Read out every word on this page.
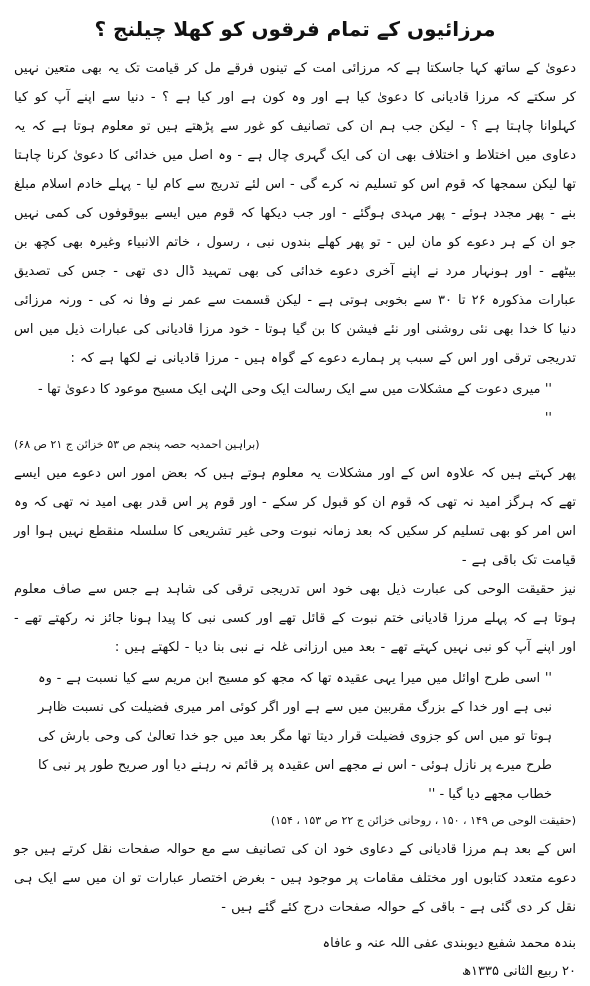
مرزائیوں کے تمام فرقوں کو کھلا چیلنج ؟

دعویٰ کے ساتھ کہا جاسکتا ہے کہ مرزائی امت کے تینوں فرقے مل کر قیامت تک یہ بھی متعین نہیں کر سکتے کہ مرزا قادیانی کا دعویٰ کیا ہے اور وہ کون ہے اور کیا ہے ؟ - دنیا سے اپنے آپ کو کیا کہلوانا چاہتا ہے ؟ - لیکن جب ہم ان کی تصانیف کو غور سے پڑھتے ہیں تو معلوم ہوتا ہے کہ یہ دعاوی میں اختلاط و اختلاف بھی ان کی ایک گہری چال ہے - وہ اصل میں خدائی کا دعویٰ کرنا چاہتا تھا لیکن سمجھا کہ قوم اس کو تسلیم نہ کرے گی - اس لئے تدریج سے کام لیا - پہلے خادم اسلام مبلغ بنے - پھر مجدد ہوئے - پھر مہدی ہوگئے - اور جب دیکھا کہ قوم میں ایسے بیوقوفوں کی کمی نہیں جو ان کے ہر دعوے کو مان لیں - تو پھر کھلے بندوں نبی ، رسول ، خاتم الانبیاء وغیرہ بھی کچھ بن بیٹھے - اور ہونہار مرد نے اپنے آخری دعوے خدائی کی بھی تمہید ڈال دی تھی - جس کی تصدیق عبارات مذکورہ ۲۶ تا ۳۰ سے بخوبی ہوتی ہے - لیکن قسمت سے عمر نے وفا نہ کی - ورنہ مرزائی دنیا کا خدا بھی نئی روشنی اور نئے فیشن کا بن گیا ہوتا - خود مرزا قادیانی کی عبارات ذیل میں اس تدریجی ترقی اور اس کے سبب پر ہمارے دعوے کے گواہ ہیں - مرزا قادیانی نے لکھا ہے کہ :

'' میری دعوت کے مشکلات میں سے ایک رسالت ایک وحی الہٰی ایک مسیح موعود کا دعویٰ تھا - ''

(براہین احمدیہ حصہ پنجم ص ۵۳ خزائن ج ۲۱ ص ۶۸)

پھر کہتے ہیں کہ علاوہ اس کے اور مشکلات یہ معلوم ہوتے ہیں کہ بعض امور اس دعوے میں ایسے تھے کہ ہرگز امید نہ تھی کہ قوم ان کو قبول کر سکے - اور قوم پر اس قدر بھی امید نہ تھی کہ وہ اس امر کو بھی تسلیم کر سکیں کہ بعد زمانہ نبوت وحی غیر تشریعی کا سلسلہ منقطع نہیں ہوا اور قیامت تک باقی ہے -

نیز حقیقت الوحی کی عبارت ذیل بھی خود اس تدریجی ترقی کی شاہد ہے جس سے صاف معلوم ہوتا ہے کہ پہلے مرزا قادیانی ختم نبوت کے قائل تھے اور کسی نبی کا پیدا ہونا جائز نہ رکھتے تھے - اور اپنے آپ کو نبی نہیں کہتے تھے - بعد میں ارزانی غلہ نے نبی بنا دیا - لکھتے ہیں :

'' اسی طرح اوائل میں میرا یہی عقیدہ تھا کہ مجھ کو مسیح ابن مریم سے کیا نسبت ہے - وہ نبی ہے اور خدا کے بزرگ مقربین میں سے ہے اور اگر کوئی امر میری فضیلت کی نسبت ظاہر ہوتا تو میں اس کو جزوی فضیلت قرار دیتا تھا مگر بعد میں جو خدا تعالیٰ کی وحی بارش کی طرح میرے پر نازل ہوئی - اس نے مجھے اس عقیدہ پر قائم نہ رہنے دیا اور صریح طور پر نبی کا خطاب مجھے دیا گیا - ''

(حقیقت الوحی ص ۱۴۹ ، ۱۵۰ ، روحانی خزائن ج ۲۲ ص ۱۵۳ ، ۱۵۴)

اس کے بعد ہم مرزا قادیانی کے دعاوی خود ان کی تصانیف سے مع حوالہ صفحات نقل کرتے ہیں جو دعوے متعدد کتابوں اور مختلف مقامات پر موجود ہیں - بغرض اختصار عبارات تو ان میں سے ایک ہی نقل کر دی گئی ہے - باقی کے حوالہ صفحات درج کئے گئے ہیں -

بندہ محمد شفیع دیوبندی عفی اللہ عنہ و عافاہ
۲۰ ربیع الثانی ۱۳۳۵ھ
